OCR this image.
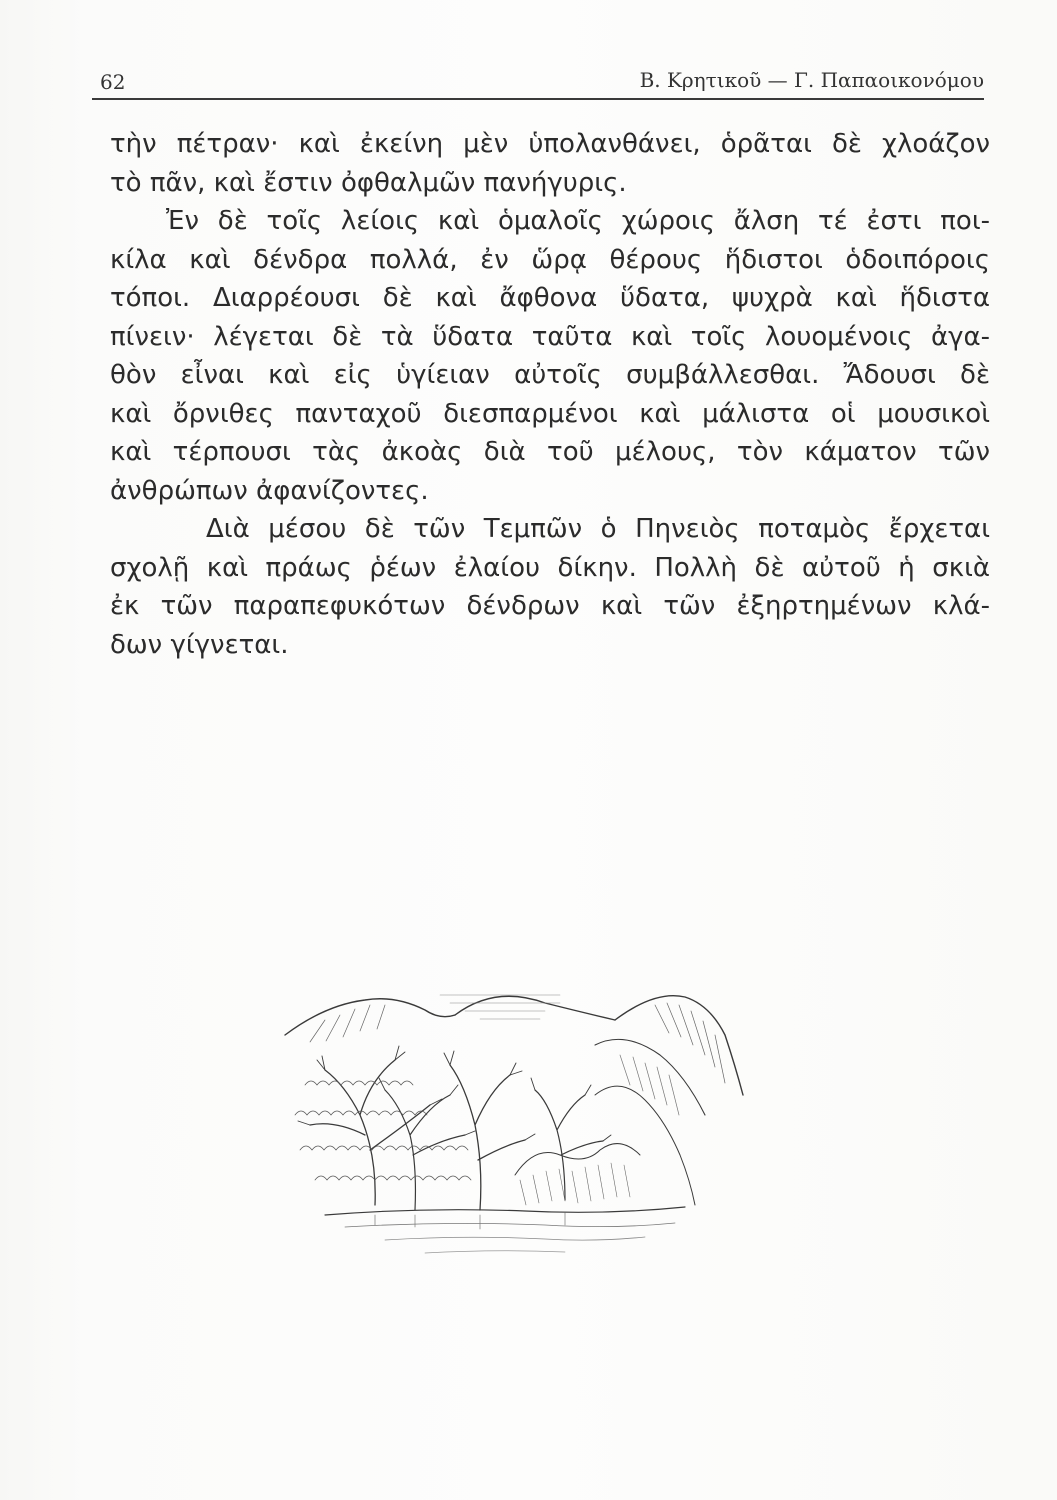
62	Β. Κρητικοῦ — Γ. Παπαοικονόμου
τὴν πέτραν· καὶ ἐκείνη μὲν ὑπολανθάνει, ὁρᾶται δὲ χλοάζον
τὸ πᾶν, καὶ ἔστιν ὀφθαλμῶν πανήγυρις.
Ἐν δὲ τοῖς λείοις καὶ ὁμαλοῖς χώροις ἄλση τέ ἐστι ποι-
κίλα καὶ δένδρα πολλά, ἐν ὥρᾳ θέρους ἥδιστοι ὁδοιπόροις
τόποι. Διαρρέουσι δὲ καὶ ἄφθονα ὕδατα, ψυχρὰ καὶ ἥδιστα
πίνειν· λέγεται δὲ τὰ ὕδατα ταῦτα καὶ τοῖς λουομένοις ἀγα-
θὸν εἶναι καὶ εἰς ὑγίειαν αὐτοῖς συμβάλλεσθαι. Ἄδουσι δὲ
καὶ ὄρνιθες πανταχοῦ διεσπαρμένοι καὶ μάλιστα οἱ μουσικοὶ
καὶ τέρπουσι τὰς ἀκοὰς διὰ τοῦ μέλους, τὸν κάματον τῶν
ἀνθρώπων ἀφανίζοντες.
Διὰ μέσου δὲ τῶν Τεμπῶν ὁ Πηνειὸς ποταμὸς ἔρχεται
σχολῇ καὶ πράως ῥέων ἐλαίου δίκην. Πολλὴ δὲ αὐτοῦ ἡ σκιὰ
ἐκ τῶν παραπεφυκότων δένδρων καὶ τῶν ἐξηρτημένων κλά-
δων γίγνεται.
